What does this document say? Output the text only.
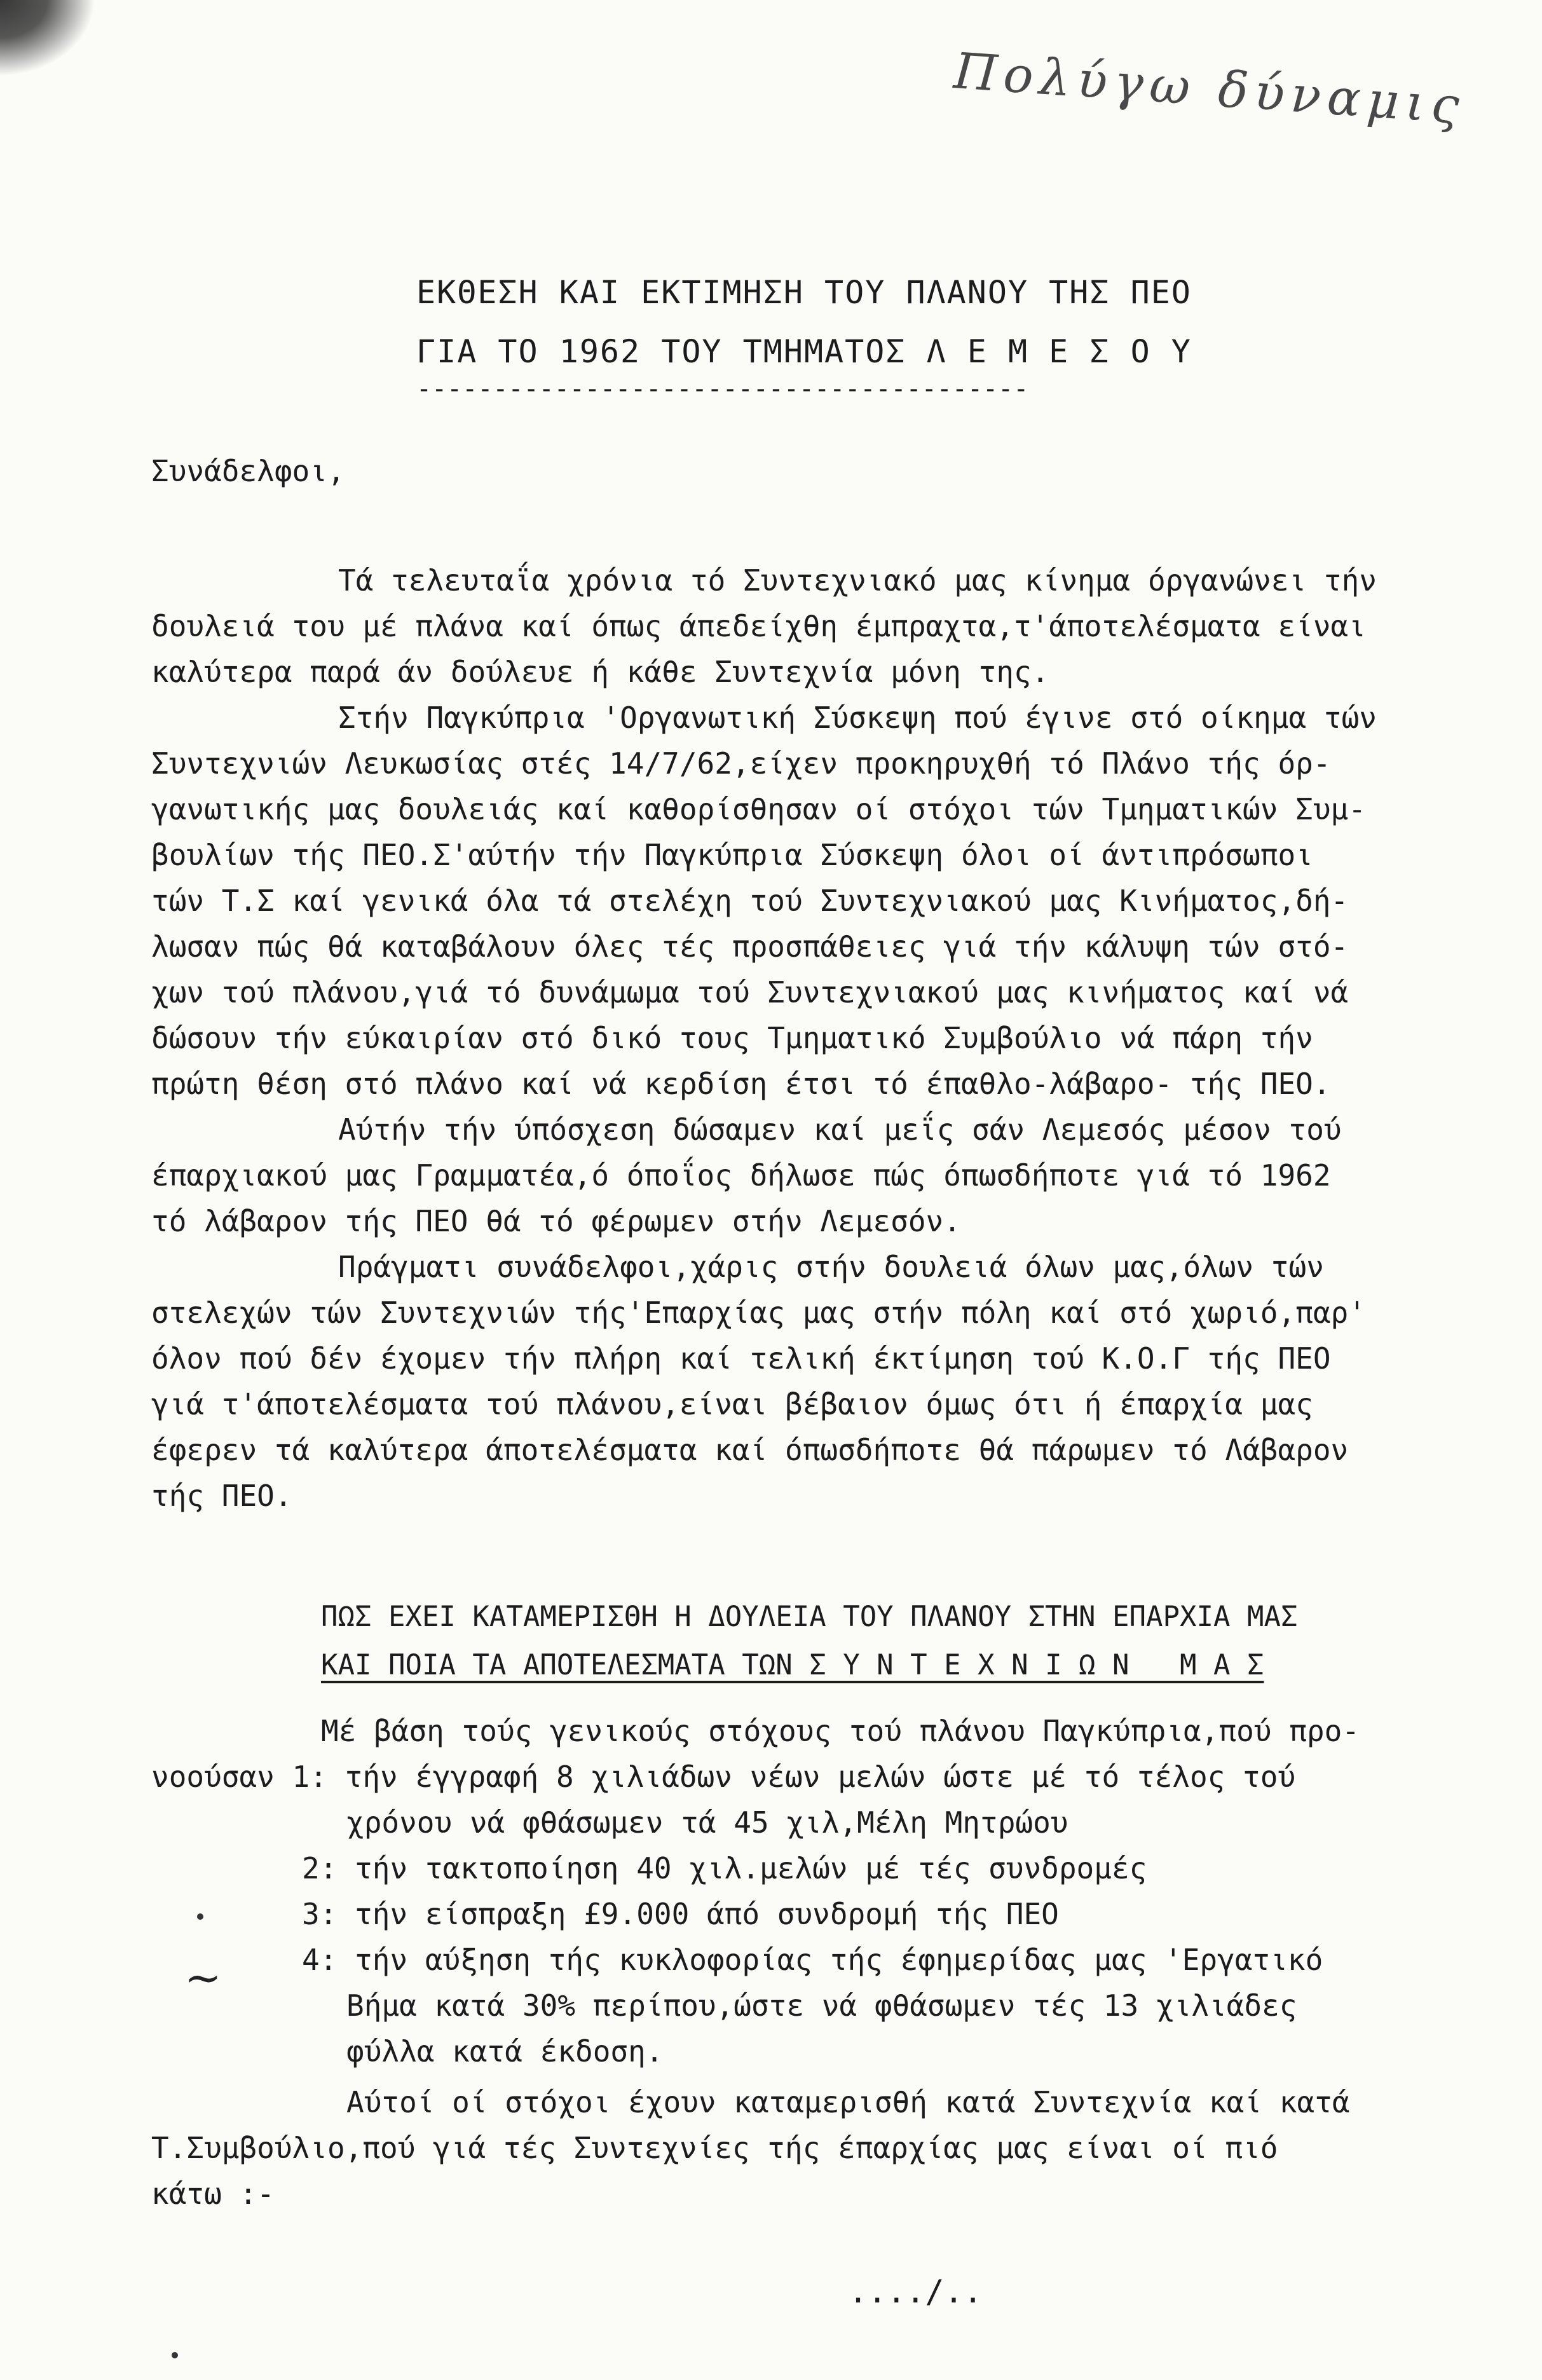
Πολύγω δύναμις
ΕΚΘΕΣΗ ΚΑΙ ΕΚΤΙΜΗΣΗ ΤΟΥ ΠΛΑΝΟΥ ΤΗΣ ΠΕΟ
ΓΙΑ ΤΟ 1962 ΤΟΥ ΤΜΗΜΑΤΟΣ Λ Ε Μ Ε Σ Ο Υ
----------------------------------------
Συνάδελφοι,
Τά τελευταΐα χρόνια τό Συντεχνιακό μας κίνημα όργανώνει τήν
δουλειά του μέ πλάνα καί όπως άπεδείχθη έμπραχτα,τ'άποτελέσματα είναι
καλύτερα παρά άν δούλευε ή κάθε Συντεχνία μόνη της.
Στήν Παγκύπρια 'Οργανωτική Σύσκεψη πού έγινε στό οίκημα τών
Συντεχνιών Λευκωσίας στές 14/7/62,είχεν προκηρυχθή τό Πλάνο τής όρ-
γανωτικής μας δουλειάς καί καθορίσθησαν οί στόχοι τών Τμηματικών Συμ-
βουλίων τής ΠΕΟ.Σ'αύτήν τήν Παγκύπρια Σύσκεψη όλοι οί άντιπρόσωποι
τών Τ.Σ καί γενικά όλα τά στελέχη τού Συντεχνιακού μας Κινήματος,δή-
λωσαν πώς θά καταβάλουν όλες τές προσπάθειες γιά τήν κάλυψη τών στό-
χων τού πλάνου,γιά τό δυνάμωμα τού Συντεχνιακού μας κινήματος καί νά
δώσουν τήν εύκαιρίαν στό δικό τους Τμηματικό Συμβούλιο νά πάρη τήν
πρώτη θέση στό πλάνο καί νά κερδίση έτσι τό έπαθλο-λάβαρο- τής ΠΕΟ.
Αύτήν τήν ύπόσχεση δώσαμεν καί μεΐς σάν Λεμεσός μέσον τού
έπαρχιακού μας Γραμματέα,ό όποΐος δήλωσε πώς όπωσδήποτε γιά τό 1962
τό λάβαρον τής ΠΕΟ θά τό φέρωμεν στήν Λεμεσόν.
Πράγματι συνάδελφοι,χάρις στήν δουλειά όλων μας,όλων τών
στελεχών τών Συντεχνιών τής'Επαρχίας μας στήν πόλη καί στό χωριό,παρ'
όλον πού δέν έχομεν τήν πλήρη καί τελική έκτίμηση τού Κ.Ο.Γ τής ΠΕΟ
γιά τ'άποτελέσματα τού πλάνου,είναι βέβαιον όμως ότι ή έπαρχία μας
έφερεν τά καλύτερα άποτελέσματα καί όπωσδήποτε θά πάρωμεν τό Λάβαρον
τής ΠΕΟ.
ΠΩΣ ΕΧΕΙ ΚΑΤΑΜΕΡΙΣΘΗ Η ΔΟΥΛΕΙΑ ΤΟΥ ΠΛΑΝΟΥ ΣΤΗΝ ΕΠΑΡΧΙΑ ΜΑΣ
ΚΑΙ ΠΟΙΑ ΤΑ ΑΠΟΤΕΛΕΣΜΑΤΑ ΤΩΝ Σ Υ Ν Τ Ε Χ Ν Ι Ω Ν   Μ Α Σ
Μέ βάση τούς γενικούς στόχους τού πλάνου Παγκύπρια,πού προ-
νοούσαν 1: τήν έγγραφή 8 χιλιάδων νέων μελών ώστε μέ τό τέλος τού
χρόνου νά φθάσωμεν τά 45 χιλ,Μέλη Μητρώου
2: τήν τακτοποίηση 40 χιλ.μελών μέ τές συνδρομές
3: τήν είσπραξη £9.000 άπό συνδρομή τής ΠΕΟ
4: τήν αύξηση τής κυκλοφορίας τής έφημερίδας μας 'Εργατικό
Βήμα κατά 30% περίπου,ώστε νά φθάσωμεν τές 13 χιλιάδες
φύλλα κατά έκδοση.
Αύτοί οί στόχοι έχουν καταμερισθή κατά Συντεχνία καί κατά
Τ.Συμβούλιο,πού γιά τές Συντεχνίες τής έπαρχίας μας είναι οί πιό
κάτω :-
~
..../..
